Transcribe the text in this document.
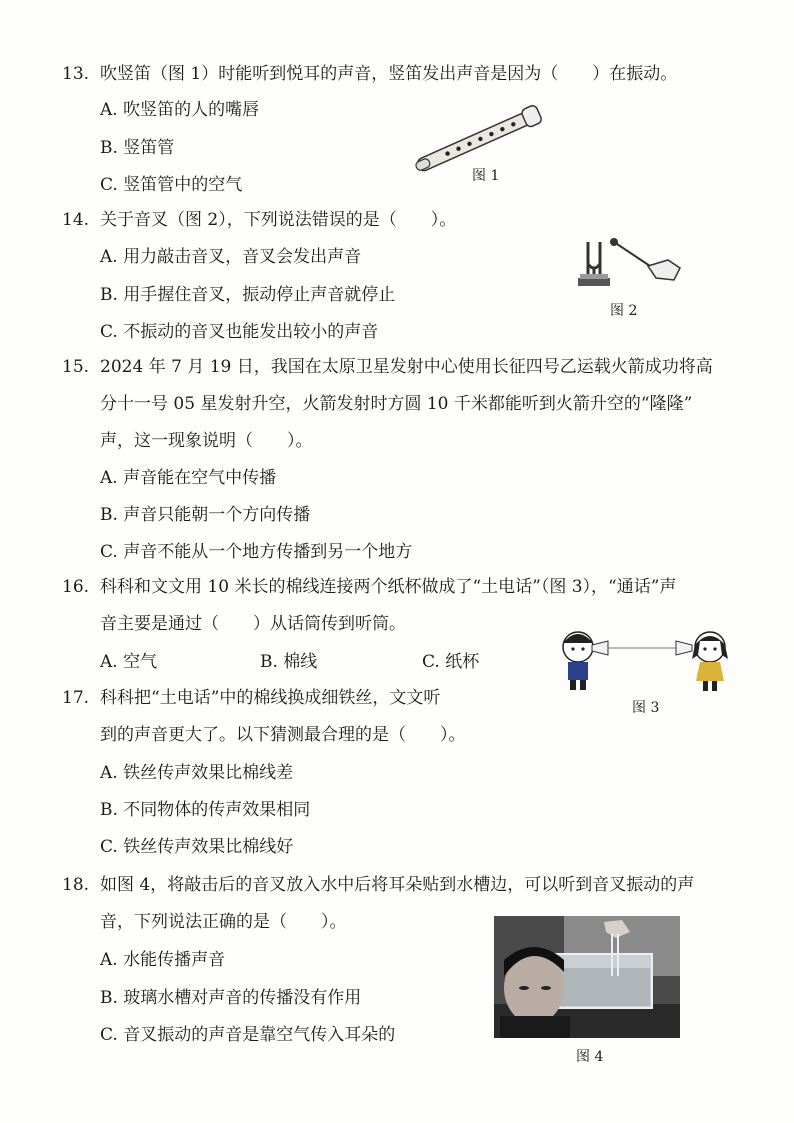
13. 吹竖笛（图 1）时能听到悦耳的声音，竖笛发出声音是因为（　　）在振动。
A. 吹竖笛的人的嘴唇
B. 竖笛管
C. 竖笛管中的空气	图 1
14. 关于音叉（图 2），下列说法错误的是（　　）。
A. 用力敲击音叉，音叉会发出声音
B. 用手握住音叉，振动停止声音就停止
C. 不振动的音叉也能发出较小的声音
图 2
15. 2024 年 7 月 19 日，我国在太原卫星发射中心使用长征四号乙运载火箭成功将高
分十一号 05 星发射升空，火箭发射时方圆 10 千米都能听到火箭升空的“隆隆”
声，这一现象说明（　　）。
A. 声音能在空气中传播
B. 声音只能朝一个方向传播
C. 声音不能从一个地方传播到另一个地方
16. 科科和文文用 10 米长的棉线连接两个纸杯做成了“土电话”（图 3），“通话”声
音主要是通过（　　）从话筒传到听筒。
A. 空气	B. 棉线	C. 纸杯
图 3
17. 科科把“土电话”中的棉线换成细铁丝，文文听
到的声音更大了。以下猜测最合理的是（　　）。
A. 铁丝传声效果比棉线差
B. 不同物体的传声效果相同
C. 铁丝传声效果比棉线好
18. 如图 4，将敲击后的音叉放入水中后将耳朵贴到水槽边，可以听到音叉振动的声
音，下列说法正确的是（　　）。
A. 水能传播声音
B. 玻璃水槽对声音的传播没有作用
C. 音叉振动的声音是靠空气传入耳朵的
图 4
